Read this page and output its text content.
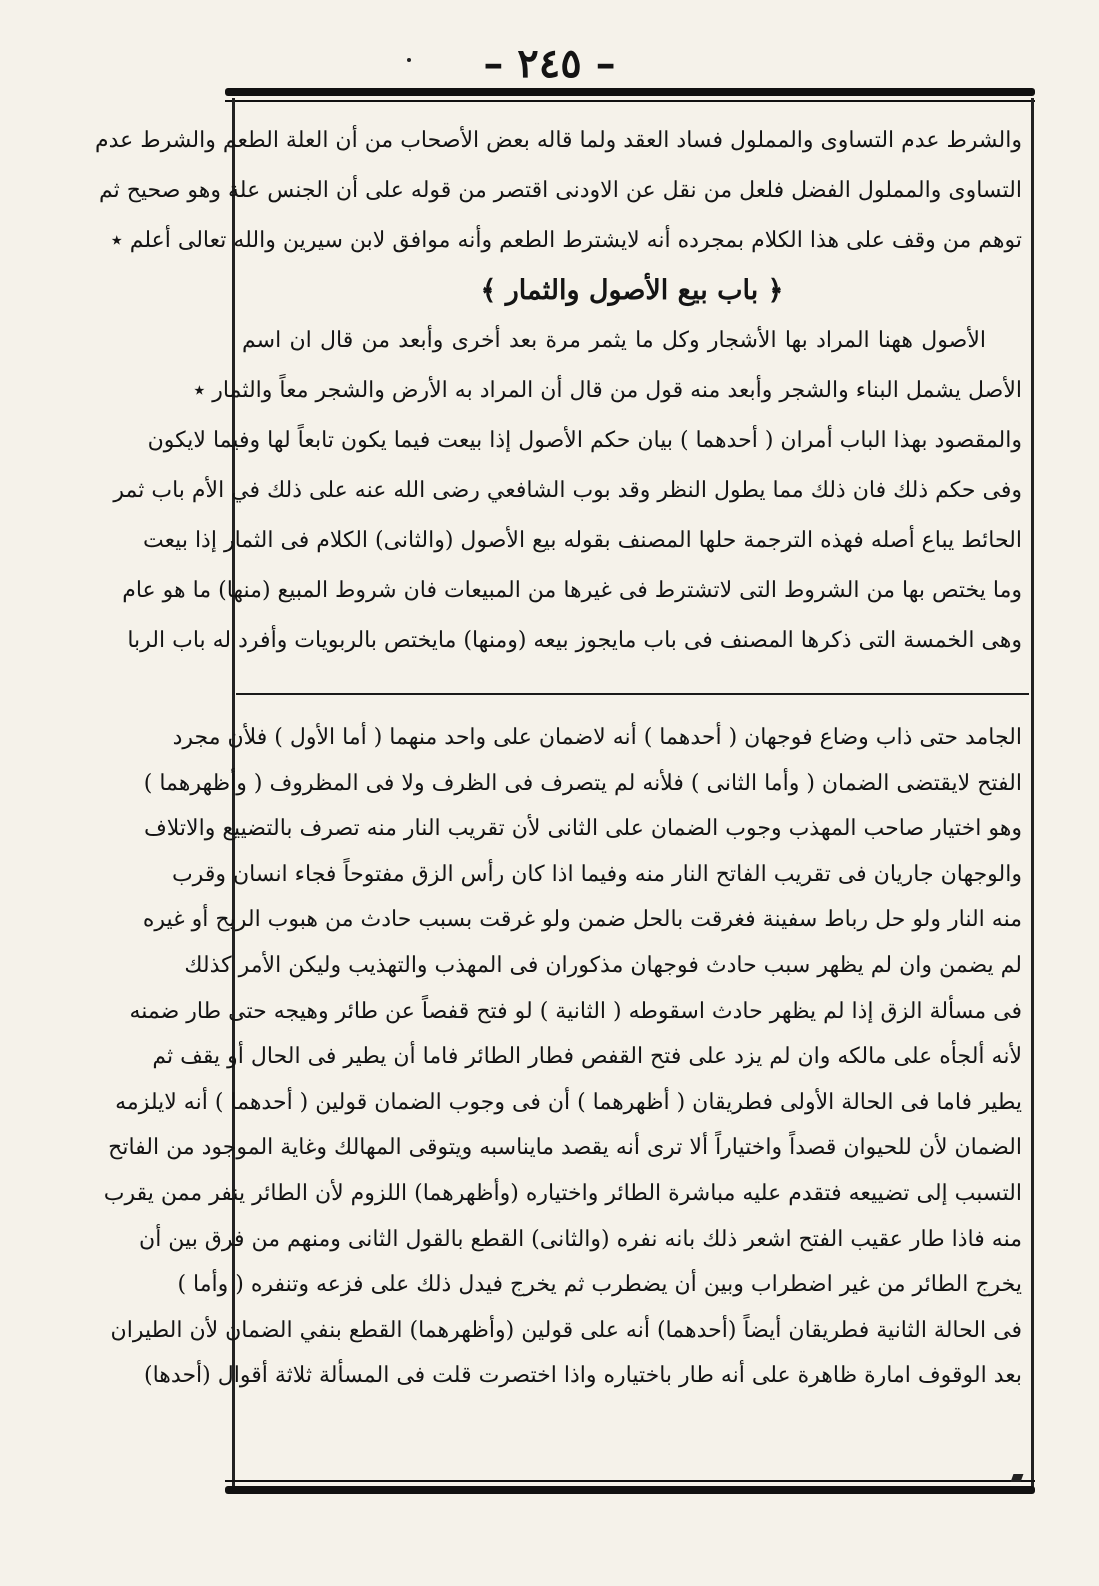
– ٢٤٥ –

والشرط عدم التساوى والمملول فساد العقد ولما قاله بعض الأصحاب من أن العلة الطعم والشرط عدم

التساوى والمملول الفضل فلعل من نقل عن الاودنى اقتصر من قوله على أن الجنس علة وهو صحيح ثم

توهم من وقف على هذا الكلام بمجرده أنه لايشترط الطعم وأنه موافق لابن سيرين والله تعالى أعلم ٭

﴿ باب بيع الأصول والثمار ﴾

الأصول ههنا المراد بها الأشجار وكل ما يثمر مرة بعد أخرى وأبعد من قال ان اسم

الأصل يشمل البناء والشجر وأبعد منه قول من قال أن المراد به الأرض والشجر معاً والثمار ٭

والمقصود بهذا الباب أمران ( أحدهما ) بيان حكم الأصول إذا بيعت فيما يكون تابعاً لها وفيما لايكون

وفى حكم ذلك فان ذلك مما يطول النظر وقد بوب الشافعي رضى الله عنه على ذلك في الأم باب ثمر

الحائط يباع أصله فهذه الترجمة حلها المصنف بقوله بيع الأصول (والثانى) الكلام فى الثمار إذا بيعت

وما يختص بها من الشروط التى لاتشترط فى غيرها من المبيعات فان شروط المبيع (منها) ما هو عام

وهى الخمسة التى ذكرها المصنف فى باب مايجوز بيعه (ومنها) مايختص بالربويات وأفرد له باب الربا

الجامد حتى ذاب وضاع فوجهان ( أحدهما ) أنه لاضمان على واحد منهما ( أما الأول ) فلأن مجرد

الفتح لايقتضى الضمان ( وأما الثانى ) فلأنه لم يتصرف فى الظرف ولا فى المظروف ( وأظهرهما )

وهو اختيار صاحب المهذب وجوب الضمان على الثانى لأن تقريب النار منه تصرف بالتضييع والاتلاف

والوجهان جاريان فى تقريب الفاتح النار منه وفيما اذا كان رأس الزق مفتوحاً فجاء انسان وقرب

منه النار ولو حل رباط سفينة فغرقت بالحل ضمن ولو غرقت بسبب حادث من هبوب الريح أو غيره

لم يضمن وان لم يظهر سبب حادث فوجهان مذكوران فى المهذب والتهذيب وليكن الأمر كذلك

فى مسألة الزق إذا لم يظهر حادث اسقوطه ( الثانية ) لو فتح قفصاً عن طائر وهيجه حتى طار ضمنه

لأنه ألجأه على مالكه وان لم يزد على فتح القفص فطار الطائر فاما أن يطير فى الحال أو يقف ثم

يطير فاما فى الحالة الأولى فطريقان ( أظهرهما ) أن فى وجوب الضمان قولين ( أحدهما ) أنه لايلزمه

الضمان لأن للحيوان قصداً واختياراً ألا ترى أنه يقصد مايناسبه ويتوقى المهالك وغاية الموجود من الفاتح

التسبب إلى تضييعه فتقدم عليه مباشرة الطائر واختياره (وأظهرهما) اللزوم لأن الطائر ينفر ممن يقرب

منه فاذا طار عقيب الفتح اشعر ذلك بانه نفره (والثانى) القطع بالقول الثانى ومنهم من فرق بين أن

يخرج الطائر من غير اضطراب وبين أن يضطرب ثم يخرج فيدل ذلك على فزعه وتنفره ( وأما )

فى الحالة الثانية فطريقان أيضاً (أحدهما) أنه على قولين (وأظهرهما) القطع بنفي الضمان لأن الطيران

بعد الوقوف امارة ظاهرة على أنه طار باختياره واذا اختصرت قلت فى المسألة ثلاثة أقوال (أحدها)
